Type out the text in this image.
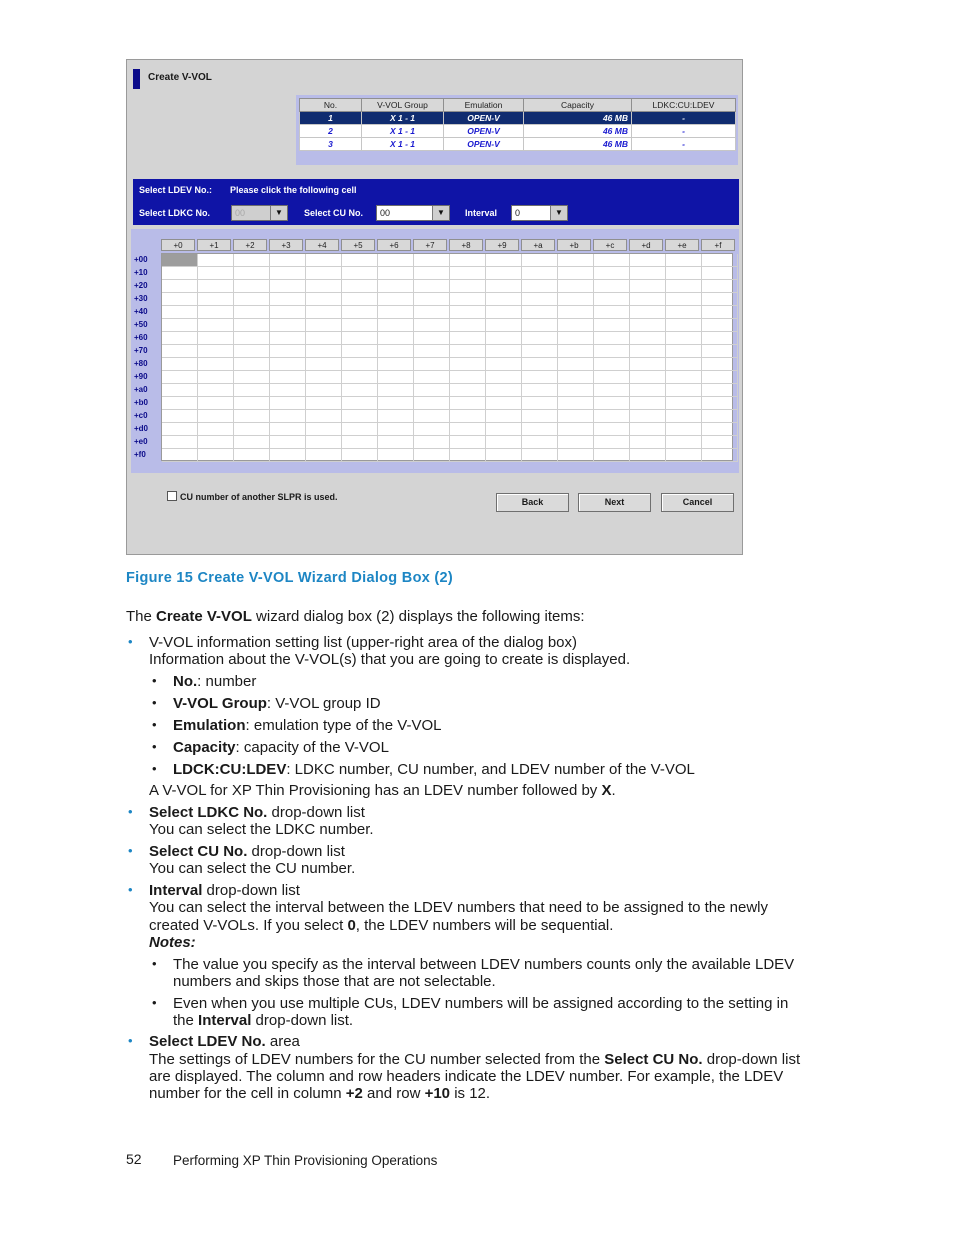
Create V-VOL
No.	V-VOL Group	Emulation	Capacity	LDKC:CU:LDEV
1	X 1 - 1	OPEN-V	46 MB	-
2	X 1 - 1	OPEN-V	46 MB	-
3	X 1 - 1	OPEN-V	46 MB	-
Select LDEV No.: Please click the following cell
Select LDKC No.	00	▼	Select CU No. 00	▼	Interval 0	▼
+0	+1	+2	+3	+4	+5	+6	+7	+8	+9	+a	+b	+c	+d	+e	+f
+00
+10
+20
+30
+40
+50
+60
+70
+80
+90
+a0
+b0
+c0
+d0
+e0
+f0
CU number of another SLPR is used.	Back	Next	Cancel
Figure 15 Create V-VOL Wizard Dialog Box (2)
The Create V-VOL wizard dialog box (2) displays the following items:
• V-VOL information setting list (upper-right area of the dialog box)
Information about the V-VOL(s) that you are going to create is displayed.
• No.: number
• V-VOL Group: V-VOL group ID
• Emulation: emulation type of the V-VOL
• Capacity: capacity of the V-VOL
• LDCK:CU:LDEV: LDKC number, CU number, and LDEV number of the V-VOL
A V-VOL for XP Thin Provisioning has an LDEV number followed by X.
• Select LDKC No. drop-down list
You can select the LDKC number.
• Select CU No. drop-down list
You can select the CU number.
• Interval drop-down list
You can select the interval between the LDEV numbers that need to be assigned to the newly
created V-VOLs. If you select 0, the LDEV numbers will be sequential.
Notes:
• The value you specify as the interval between LDEV numbers counts only the available LDEV
numbers and skips those that are not selectable.
• Even when you use multiple CUs, LDEV numbers will be assigned according to the setting in
the Interval drop-down list.
• Select LDEV No. area
The settings of LDEV numbers for the CU number selected from the Select CU No. drop-down list
are displayed. The column and row headers indicate the LDEV number. For example, the LDEV
number for the cell in column +2 and row +10 is 12.
52 Performing XP Thin Provisioning Operations
